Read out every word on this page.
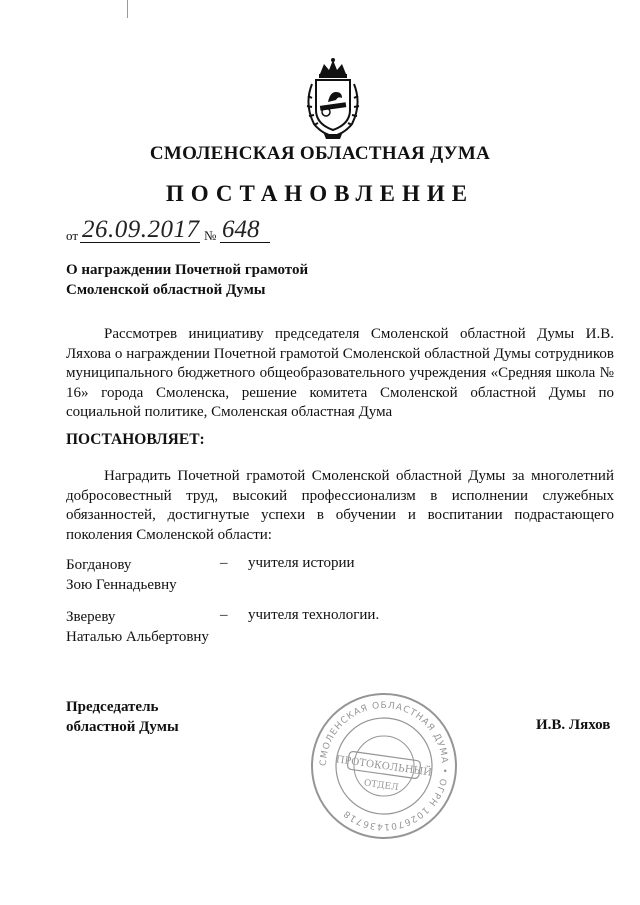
СМОЛЕНСКАЯ ОБЛАСТНАЯ ДУМА
ПОСТАНОВЛЕНИЕ
от 26.09.2017 № 648
О награждении Почетной грамотой
Смоленской областной Думы

Рассмотрев инициативу председателя Смоленской областной Думы И.В. Ляхова о награждении Почетной грамотой Смоленской областной Думы сотрудников муниципального бюджетного общеобразовательного учреждения «Средняя школа № 16» города Смоленска, решение комитета Смоленской областной Думы по социальной политике, Смоленская областная Дума

ПОСТАНОВЛЯЕТ:

Наградить Почетной грамотой Смоленской областной Думы за многолетний добросовестный труд, высокий профессионализм в исполнении служебных обязанностей, достигнутые успехи в обучении и воспитании подрастающего поколения Смоленской области:

Богданову
Зою Геннадьевну
– учителя истории
Звереву
Наталью Альбертовну
– учителя технологии.
Председатель
областной Думы	И.В. Ляхов
СМОЛЕНСКАЯ ОБЛАСТНАЯ ДУМА • ОГРН 1026701436718
ПРОТОКОЛЬНЫЙ
ОТДЕЛ
